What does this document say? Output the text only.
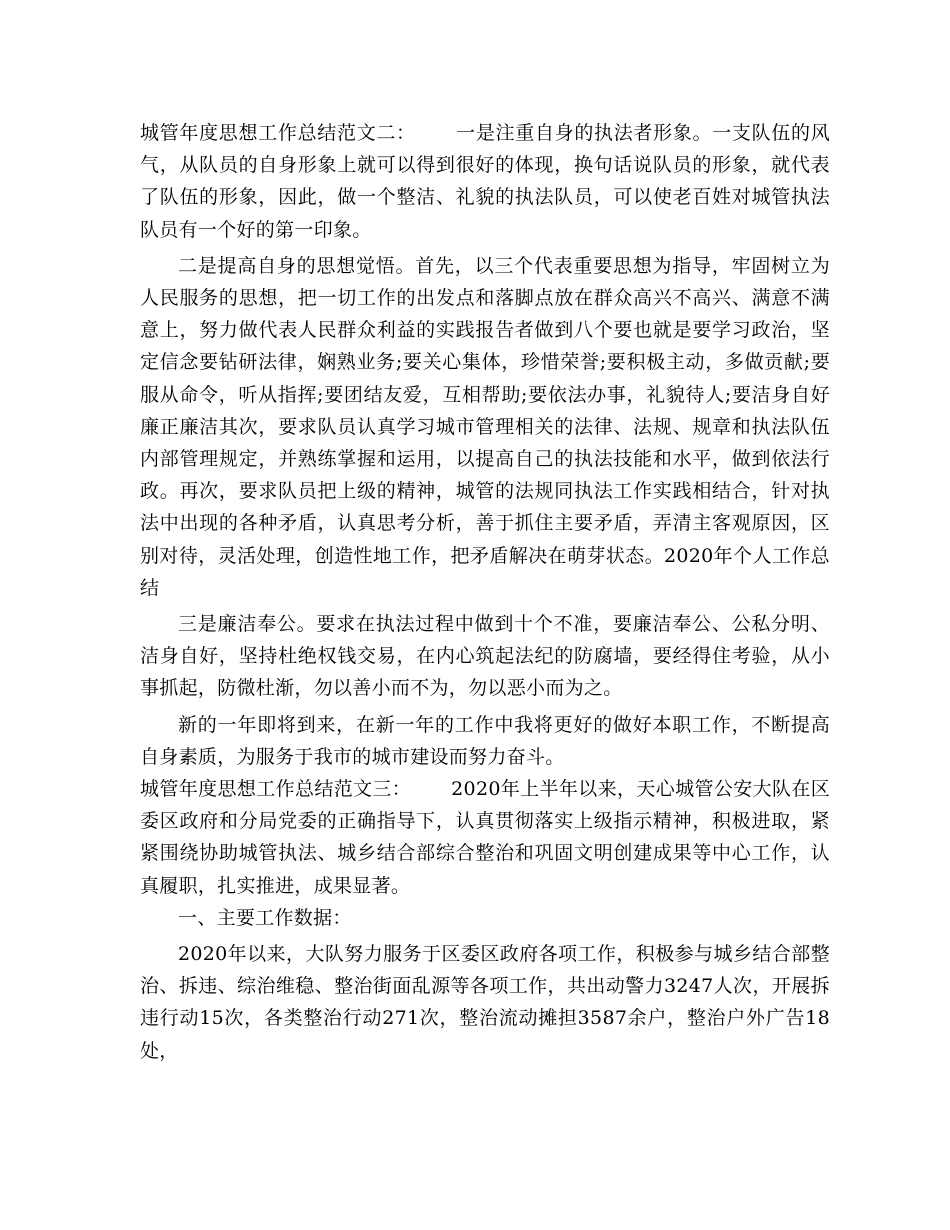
城管年度思想工作总结范文二： 一是注重自身的执法者形象。一支队伍的风气，从队员的自身形象上就可以得到很好的体现，换句话说队员的形象，就代表了队伍的形象，因此，做一个整洁、礼貌的执法队员，可以使老百姓对城管执法队员有一个好的第一印象。

二是提高自身的思想觉悟。首先，以三个代表重要思想为指导，牢固树立为人民服务的思想，把一切工作的出发点和落脚点放在群众高兴不高兴、满意不满意上，努力做代表人民群众利益的实践报告者做到八个要也就是要学习政治，坚定信念要钻研法律，娴熟业务;要关心集体，珍惜荣誉;要积极主动，多做贡献;要服从命令，听从指挥;要团结友爱，互相帮助;要依法办事，礼貌待人;要洁身自好廉正廉洁其次，要求队员认真学习城市管理相关的法律、法规、规章和执法队伍内部管理规定，并熟练掌握和运用，以提高自己的执法技能和水平，做到依法行政。再次，要求队员把上级的精神，城管的法规同执法工作实践相结合，针对执法中出现的各种矛盾，认真思考分析，善于抓住主要矛盾，弄清主客观原因，区别对待，灵活处理，创造性地工作，把矛盾解决在萌芽状态。2020年个人工作总结

三是廉洁奉公。要求在执法过程中做到十个不准，要廉洁奉公、公私分明、洁身自好，坚持杜绝权钱交易，在内心筑起法纪的防腐墙，要经得住考验，从小事抓起，防微杜渐，勿以善小而不为，勿以恶小而为之。

新的一年即将到来，在新一年的工作中我将更好的做好本职工作，不断提高自身素质，为服务于我市的城市建设而努力奋斗。

城管年度思想工作总结范文三： 2020年上半年以来，天心城管公安大队在区委区政府和分局党委的正确指导下，认真贯彻落实上级指示精神，积极进取，紧紧围绕协助城管执法、城乡结合部综合整治和巩固文明创建成果等中心工作，认真履职，扎实推进，成果显著。

一、主要工作数据：

2020年以来，大队努力服务于区委区政府各项工作，积极参与城乡结合部整治、拆违、综治维稳、整治街面乱源等各项工作，共出动警力3247人次，开展拆违行动15次，各类整治行动271次，整治流动摊担3587余户，整治户外广告18处，
